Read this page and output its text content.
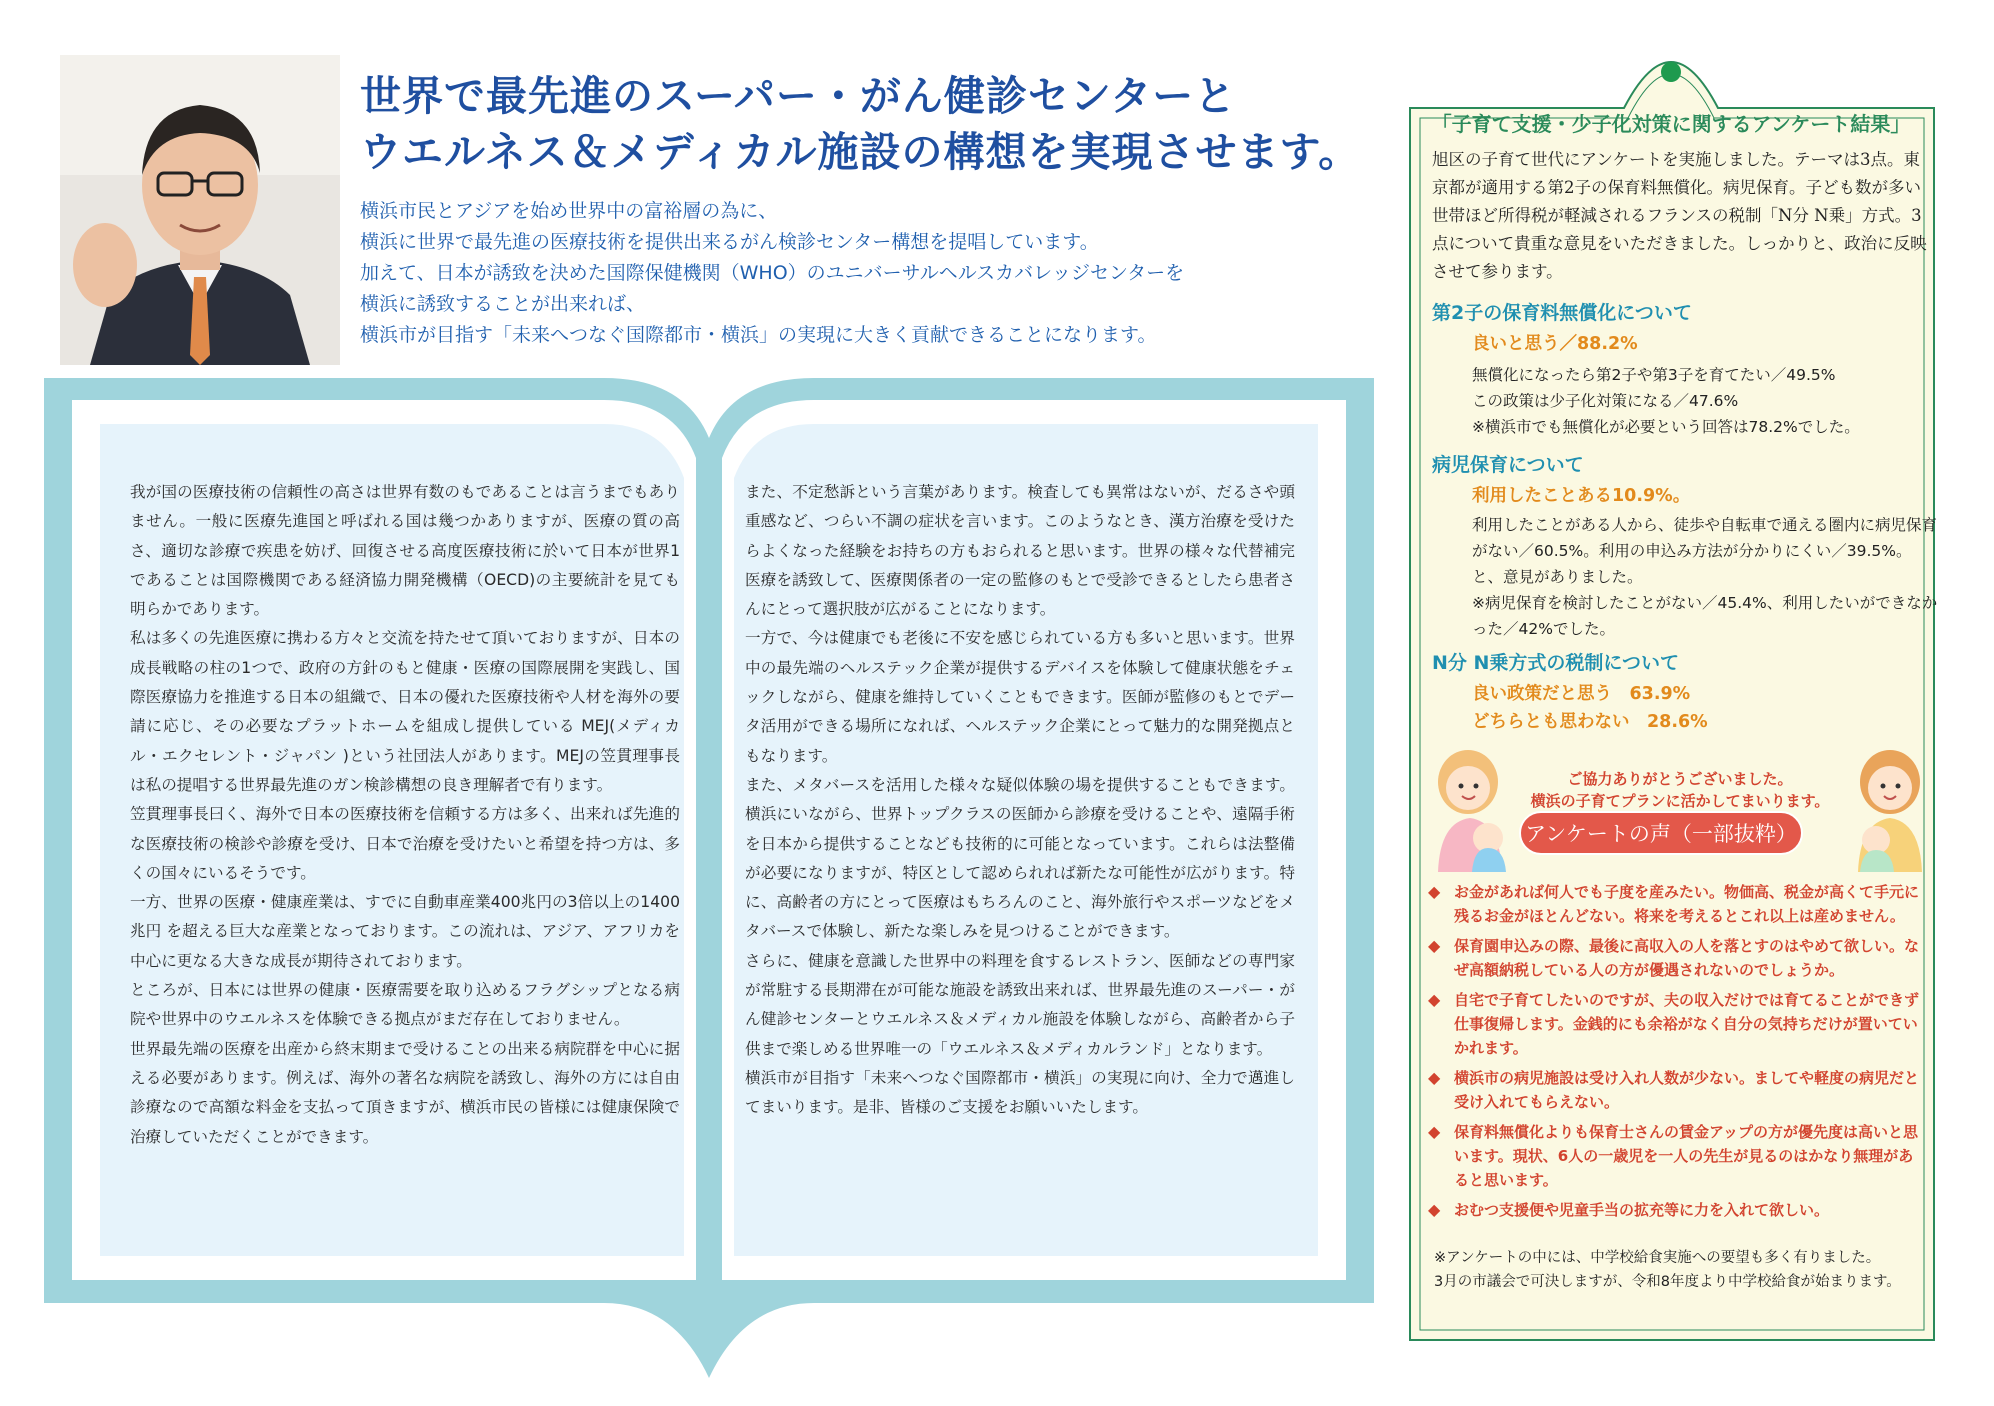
世界で最先進のスーパー・がん健診センターと
ウエルネス＆メディカル施設の構想を実現させます。
横浜市民とアジアを始め世界中の富裕層の為に、
横浜に世界で最先進の医療技術を提供出来るがん検診センター構想を提唱しています。
加えて、日本が誘致を決めた国際保健機関（WHO）のユニバーサルヘルスカバレッジセンターを
横浜に誘致することが出来れば、
横浜市が目指す「未来へつなぐ国際都市・横浜」の実現に大きく貢献できることになります。

我が国の医療技術の信頼性の高さは世界有数のもであることは言うまでもありません。一般に医療先進国と呼ばれる国は幾つかありますが、医療の質の高さ、適切な診療で疾患を妨げ、回復させる高度医療技術に於いて日本が世界1であることは国際機関である経済協力開発機構（OECD)の主要統計を見ても明らかであります。

私は多くの先進医療に携わる方々と交流を持たせて頂いておりますが、日本の成長戦略の柱の1つで、政府の方針のもと健康・医療の国際展開を実践し、国際医療協力を推進する日本の組織で、日本の優れた医療技術や人材を海外の要請に応じ、その必要なプラットホームを組成し提供している MEJ(メディカル・エクセレント・ジャパン )という社団法人があります。MEJの笠貫理事長は私の提唱する世界最先進のガン検診構想の良き理解者で有ります。

笠貫理事長曰く、海外で日本の医療技術を信頼する方は多く、出来れば先進的な医療技術の検診や診療を受け、日本で治療を受けたいと希望を持つ方は、多くの国々にいるそうです。

一方、世界の医療・健康産業は、すでに自動車産業400兆円の3倍以上の1400兆円 を超える巨大な産業となっております。この流れは、アジア、アフリカを中心に更なる大きな成長が期待されております。

ところが、日本には世界の健康・医療需要を取り込めるフラグシップとなる病院や世界中のウエルネスを体験できる拠点がまだ存在しておりません。

世界最先端の医療を出産から終末期まで受けることの出来る病院群を中心に据える必要があります。例えば、海外の著名な病院を誘致し、海外の方には自由診療なので高額な料金を支払って頂きますが、横浜市民の皆様には健康保険で治療していただくことができます。

また、不定愁訴という言葉があります。検査しても異常はないが、だるさや頭重感など、つらい不調の症状を言います。このようなとき、漢方治療を受けたらよくなった経験をお持ちの方もおられると思います。世界の様々な代替補完医療を誘致して、医療関係者の一定の監修のもとで受診できるとしたら患者さんにとって選択肢が広がることになります。

一方で、今は健康でも老後に不安を感じられている方も多いと思います。世界中の最先端のヘルステック企業が提供するデバイスを体験して健康状態をチェックしながら、健康を維持していくこともできます。医師が監修のもとでデータ活用ができる場所になれば、ヘルステック企業にとって魅力的な開発拠点ともなります。

また、メタバースを活用した様々な疑似体験の場を提供することもできます。横浜にいながら、世界トップクラスの医師から診療を受けることや、遠隔手術を日本から提供することなども技術的に可能となっています。これらは法整備が必要になりますが、特区として認められれば新たな可能性が広がります。特に、高齢者の方にとって医療はもちろんのこと、海外旅行やスポーツなどをメタバースで体験し、新たな楽しみを見つけることができます。

さらに、健康を意識した世界中の料理を食するレストラン、医師などの専門家が常駐する長期滞在が可能な施設を誘致出来れば、世界最先進のスーパー・がん健診センターとウエルネス＆メディカル施設を体験しながら、高齢者から子供まで楽しめる世界唯一の「ウエルネス＆メディカルランド」となります。

横浜市が目指す「未来へつなぐ国際都市・横浜」の実現に向け、全力で邁進してまいります。是非、皆様のご支援をお願いいたします。

「子育て支援・少子化対策に関するアンケート結果」
旭区の子育て世代にアンケートを実施しました。テーマは3点。東京都が適用する第2子の保育料無償化。病児保育。子ども数が多い世帯ほど所得税が軽減されるフランスの税制「N分 N乗」方式。3点について貴重な意見をいただきました。しっかりと、政治に反映させて参ります。
第2子の保育料無償化について
良いと思う／88.2%

無償化になったら第2子や第3子を育てたい／49.5%

この政策は少子化対策になる／47.6%

※横浜市でも無償化が必要という回答は78.2%でした。

病児保育について
利用したことある10.9%。

利用したことがある人から、徒歩や自転車で通える圏内に病児保育がない／60.5%。利用の申込み方法が分かりにくい／39.5%。と、意見がありました。

※病児保育を検討したことがない／45.4%、利用したいができなかった／42%でした。

N分 N乗方式の税制について
良い政策だと思う　63.9%
どちらとも思わない　28.6%
ご協力ありがとうございました。
横浜の子育てプランに活かしてまいります。
アンケートの声（一部抜粋）
◆ お金があれば何人でも子度を産みたい。物価高、税金が高くて手元に残るお金がほとんどない。将来を考えるとこれ以上は産めません。
◆ 保育園申込みの際、最後に高収入の人を落とすのはやめて欲しい。なぜ高額納税している人の方が優遇されないのでしょうか。
◆ 自宅で子育てしたいのですが、夫の収入だけでは育てることができず仕事復帰します。金銭的にも余裕がなく自分の気持ちだけが置いていかれます。
◆ 横浜市の病児施設は受け入れ人数が少ない。ましてや軽度の病児だと受け入れてもらえない。
◆ 保育料無償化よりも保育士さんの賃金アップの方が優先度は高いと思います。現状、6人の一歳児を一人の先生が見るのはかなり無理があると思います。
◆ おむつ支援便や児童手当の拡充等に力を入れて欲しい。

※アンケートの中には、中学校給食実施への要望も多く有りました。

3月の市議会で可決しますが、令和8年度より中学校給食が始まります。
